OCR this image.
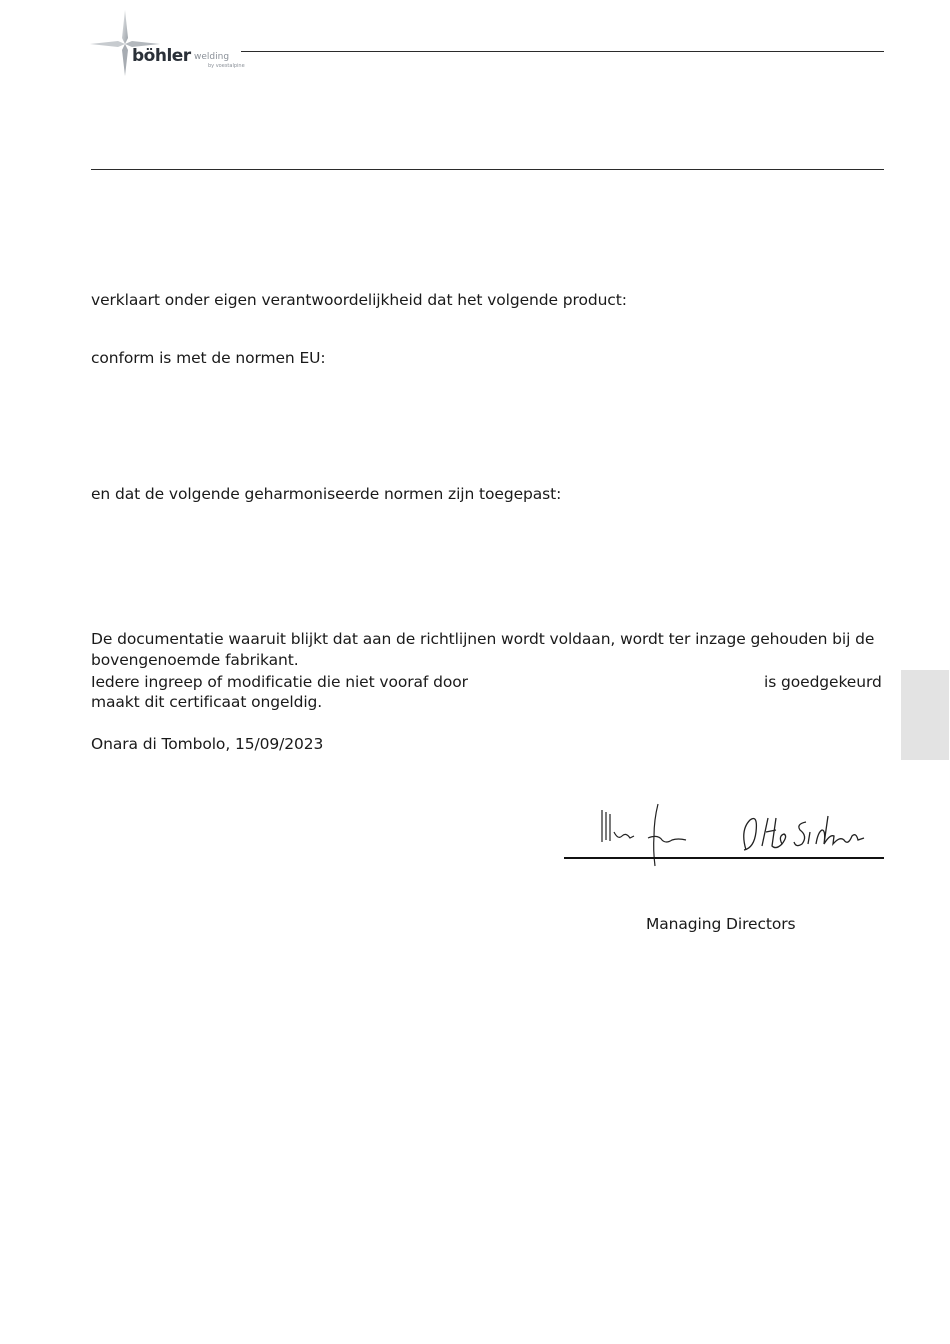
böhler welding
by voestalpine
verklaart onder eigen verantwoordelijkheid dat het volgende product:
conform is met de normen EU:
en dat de volgende geharmoniseerde normen zijn toegepast:
De documentatie waaruit blijkt dat aan de richtlijnen wordt voldaan, wordt ter inzage gehouden bij de
bovengenoemde fabrikant.
Iedere ingreep of modificatie die niet vooraf door	is goedgekeurd
maakt dit certificaat ongeldig.
Onara di Tombolo, 15/09/2023
Managing Directors
